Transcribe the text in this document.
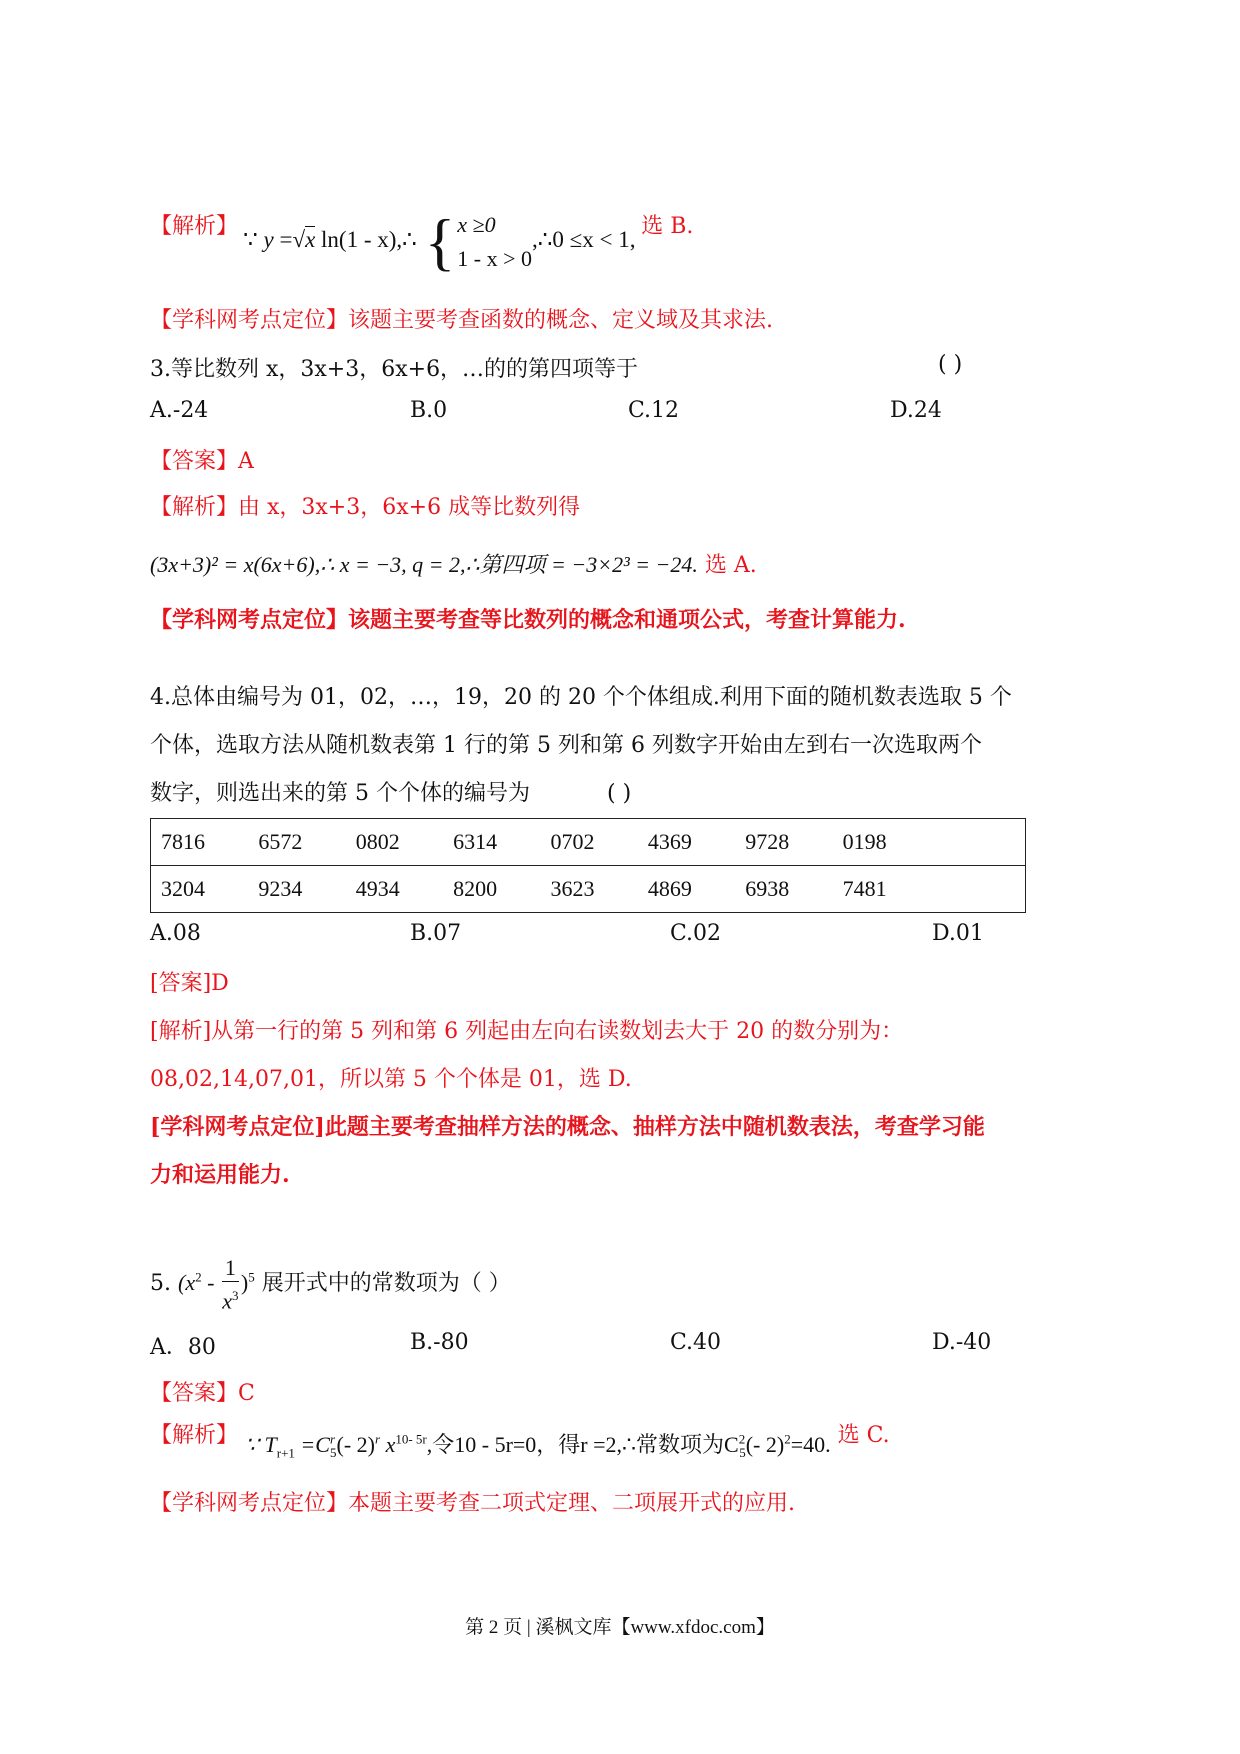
【解析】 ∵ y =√x ln(1 - x),∴ { x ≥0
1 - x > 0
,∴0 ≤x < 1, 选 B.
【学科网考点定位】该题主要考查函数的概念、定义域及其求法.
3.等比数列 x，3x+3，6x+6，…的的第四项等于	( )
A.-24	B.0	C.12	D.24
【答案】A
【解析】由 x，3x+3，6x+6 成等比数列得
(3x+3)² = x(6x+6),∴ x = −3, q = 2,∴第四项 = −3×2³ = −24. 选 A.
【学科网考点定位】该题主要考查等比数列的概念和通项公式，考查计算能力.
4.总体由编号为 01，02，…，19，20 的 20 个个体组成.利用下面的随机数表选取 5 个
个体，选取方法从随机数表第 1 行的第 5 列和第 6 列数字开始由左到右一次选取两个
数字，则选出来的第 5 个个体的编号为	( )
7816	6572	0802	6314	0702	4369	9728	0198	
3204	9234	4934	8200	3623	4869	6938	7481	
A.08	B.07	C.02	D.01
[答案]D
[解析]从第一行的第 5 列和第 6 列起由左向右读数划去大于 20 的数分别为：
08,02,14,07,01，所以第 5 个个体是 01，选 D.
[学科网考点定位]此题主要考查抽样方法的概念、抽样方法中随机数表法，考查学习能
力和运用能力.
5. $(x^2 - \frac{1}{x^3} )^5$ 展开式中的常数项为（ ）
A．80	B.-80	C.40	D.-40
【答案】C
【解析】 ∵ $T_{r+1} =C^r_5(-$ 2)$^r$ $x^{10- 5r}$,令10 - 5r=0，得r =2,∴常数项为$C^2_5(-$ 2)$^2$=40. 选 C.
【学科网考点定位】本题主要考查二项式定理、二项展开式的应用.
第 2 页 | 溪枫文库【www.xfdoc.com】
